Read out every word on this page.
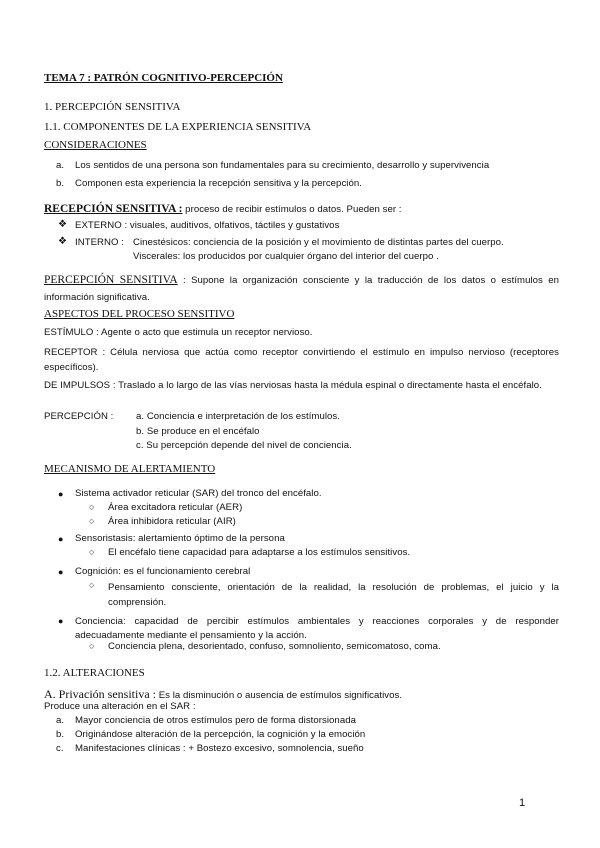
TEMA 7 : PATRÓN COGNITIVO-PERCEPCIÓN
1. PERCEPCIÓN SENSITIVA
1.1. COMPONENTES DE LA EXPERIENCIA SENSITIVA
CONSIDERACIONES
a. Los sentidos de una persona son fundamentales para su crecimiento, desarrollo y supervivencia
b. Componen esta experiencia la recepción sensitiva y la percepción.
RECEPCIÓN SENSITIVA : proceso de recibir estímulos o datos. Pueden ser :
❖ EXTERNO : visuales, auditivos, olfativos, táctiles y gustativos
❖ INTERNO : Cinestésicos: conciencia de la posición y el movimiento de distintas partes del cuerpo.
Viscerales: los producidos por cualquier órgano del interior del cuerpo .
PERCEPCIÓN SENSITIVA : Supone la organización consciente y la traducción de los datos o estímulos en información significativa.
ASPECTOS DEL PROCESO SENSITIVO
ESTÍMULO : Agente o acto que estimula un receptor nervioso.
RECEPTOR : Célula nerviosa que actúa como receptor convirtiendo el estímulo en impulso nervioso (receptores específicos).
DE IMPULSOS : Traslado a lo largo de las vías nerviosas hasta la médula espinal o directamente hasta el encéfalo.
PERCEPCIÓN : a. Conciencia e interpretación de los estímulos.
b. Se produce en el encéfalo
c. Su percepción depende del nivel de conciencia.
MECANISMO DE ALERTAMIENTO
● Sistema activador reticular (SAR) del tronco del encéfalo.
○ Área excitadora reticular (AER)
○ Área inhibidora reticular (AIR)
● Sensoristasis: alertamiento óptimo de la persona
○ El encéfalo tiene capacidad para adaptarse a los estímulos sensitivos.
● Cognición: es el funcionamiento cerebral
○ Pensamiento consciente, orientación de la realidad, la resolución de problemas, el juicio y la comprensión.
● Conciencia: capacidad de percibir estímulos ambientales y reacciones corporales y de responder adecuadamente mediante el pensamiento y la acción.
○ Conciencia plena, desorientado, confuso, somnoliento, semicomatoso, coma.
1.2. ALTERACIONES
A. Privación sensitiva : Es la disminución o ausencia de estímulos significativos.
Produce una alteración en el SAR :
a. Mayor conciencia de otros estímulos pero de forma distorsionada
b. Originándose alteración de la percepción, la cognición y la emoción
c. Manifestaciones clínicas : + Bostezo excesivo, somnolencia, sueño
1
